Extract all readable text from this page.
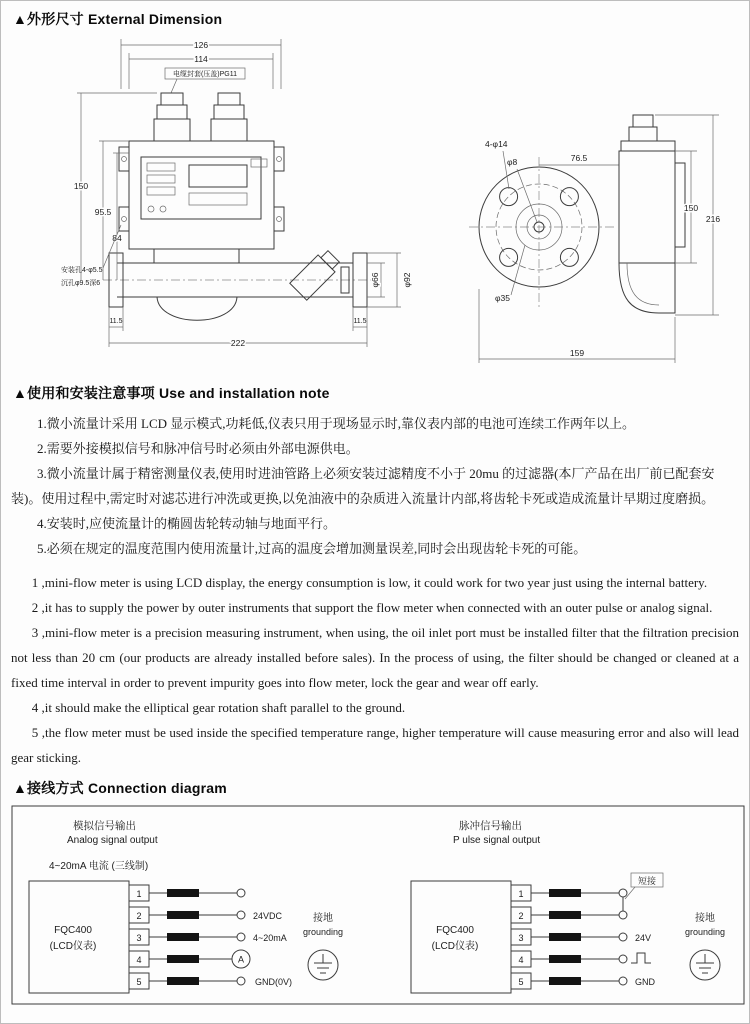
▲外形尺寸 External Dimension
126
114
电缆封套(压盖)PG11
150
95.5
84
安装孔4-φ5.5
沉孔φ9.5深6	φ66	φ92
11.5	11.5
222
4-φ14
φ8	76.5
φ35
150
216
159
▲使用和安装注意事项 Use and installation note

1.微小流量计采用 LCD 显示模式,功耗低,仪表只用于现场显示时,靠仪表内部的电池可连续工作两年以上。

2.需要外接模拟信号和脉冲信号时必须由外部电源供电。

3.微小流量计属于精密测量仪表,使用时进油管路上必须安装过滤精度不小于 20mu 的过滤器(本厂产品在出厂前已配套安装)。使用过程中,需定时对滤芯进行冲洗或更换,以免油液中的杂质进入流量计内部,将齿轮卡死或造成流量计早期过度磨损。

4.安装时,应使流量计的椭圆齿轮转动轴与地面平行。

5.必须在规定的温度范围内使用流量计,过高的温度会增加测量误差,同时会出现齿轮卡死的可能。

1 ,mini-flow meter is using LCD display, the energy consumption is low, it could work for two year just using the internal battery.

2 ,it has to supply the power by outer instruments that support the flow meter when connected with an outer pulse or analog signal.

3 ,mini-flow meter is a precision measuring instrument, when using, the oil inlet port must be installed filter that the filtration precision not less than 20 cm (our products are already installed before sales). In the process of using, the filter should be changed or cleaned at a fixed time interval in order to prevent impurity goes into flow meter, lock the gear and wear off early.

4 ,it should make the elliptical gear rotation shaft parallel to the ground.

5 ,the flow meter must be used inside the specified temperature range, higher temperature will cause measuring error and also will lead gear sticking.

▲接线方式 Connection diagram
模拟信号输出
Analog signal output
4~20mA 电流 (三线制)
FQC400
(LCD仪表)
1
2
3
4
5
A
24VDC
4~20mA
GND(0V)
接地
grounding
脉冲信号输出
P ulse signal output
FQC400
(LCD仪表)
1
2
3
4
5
短接
24V
GND
接地
grounding
